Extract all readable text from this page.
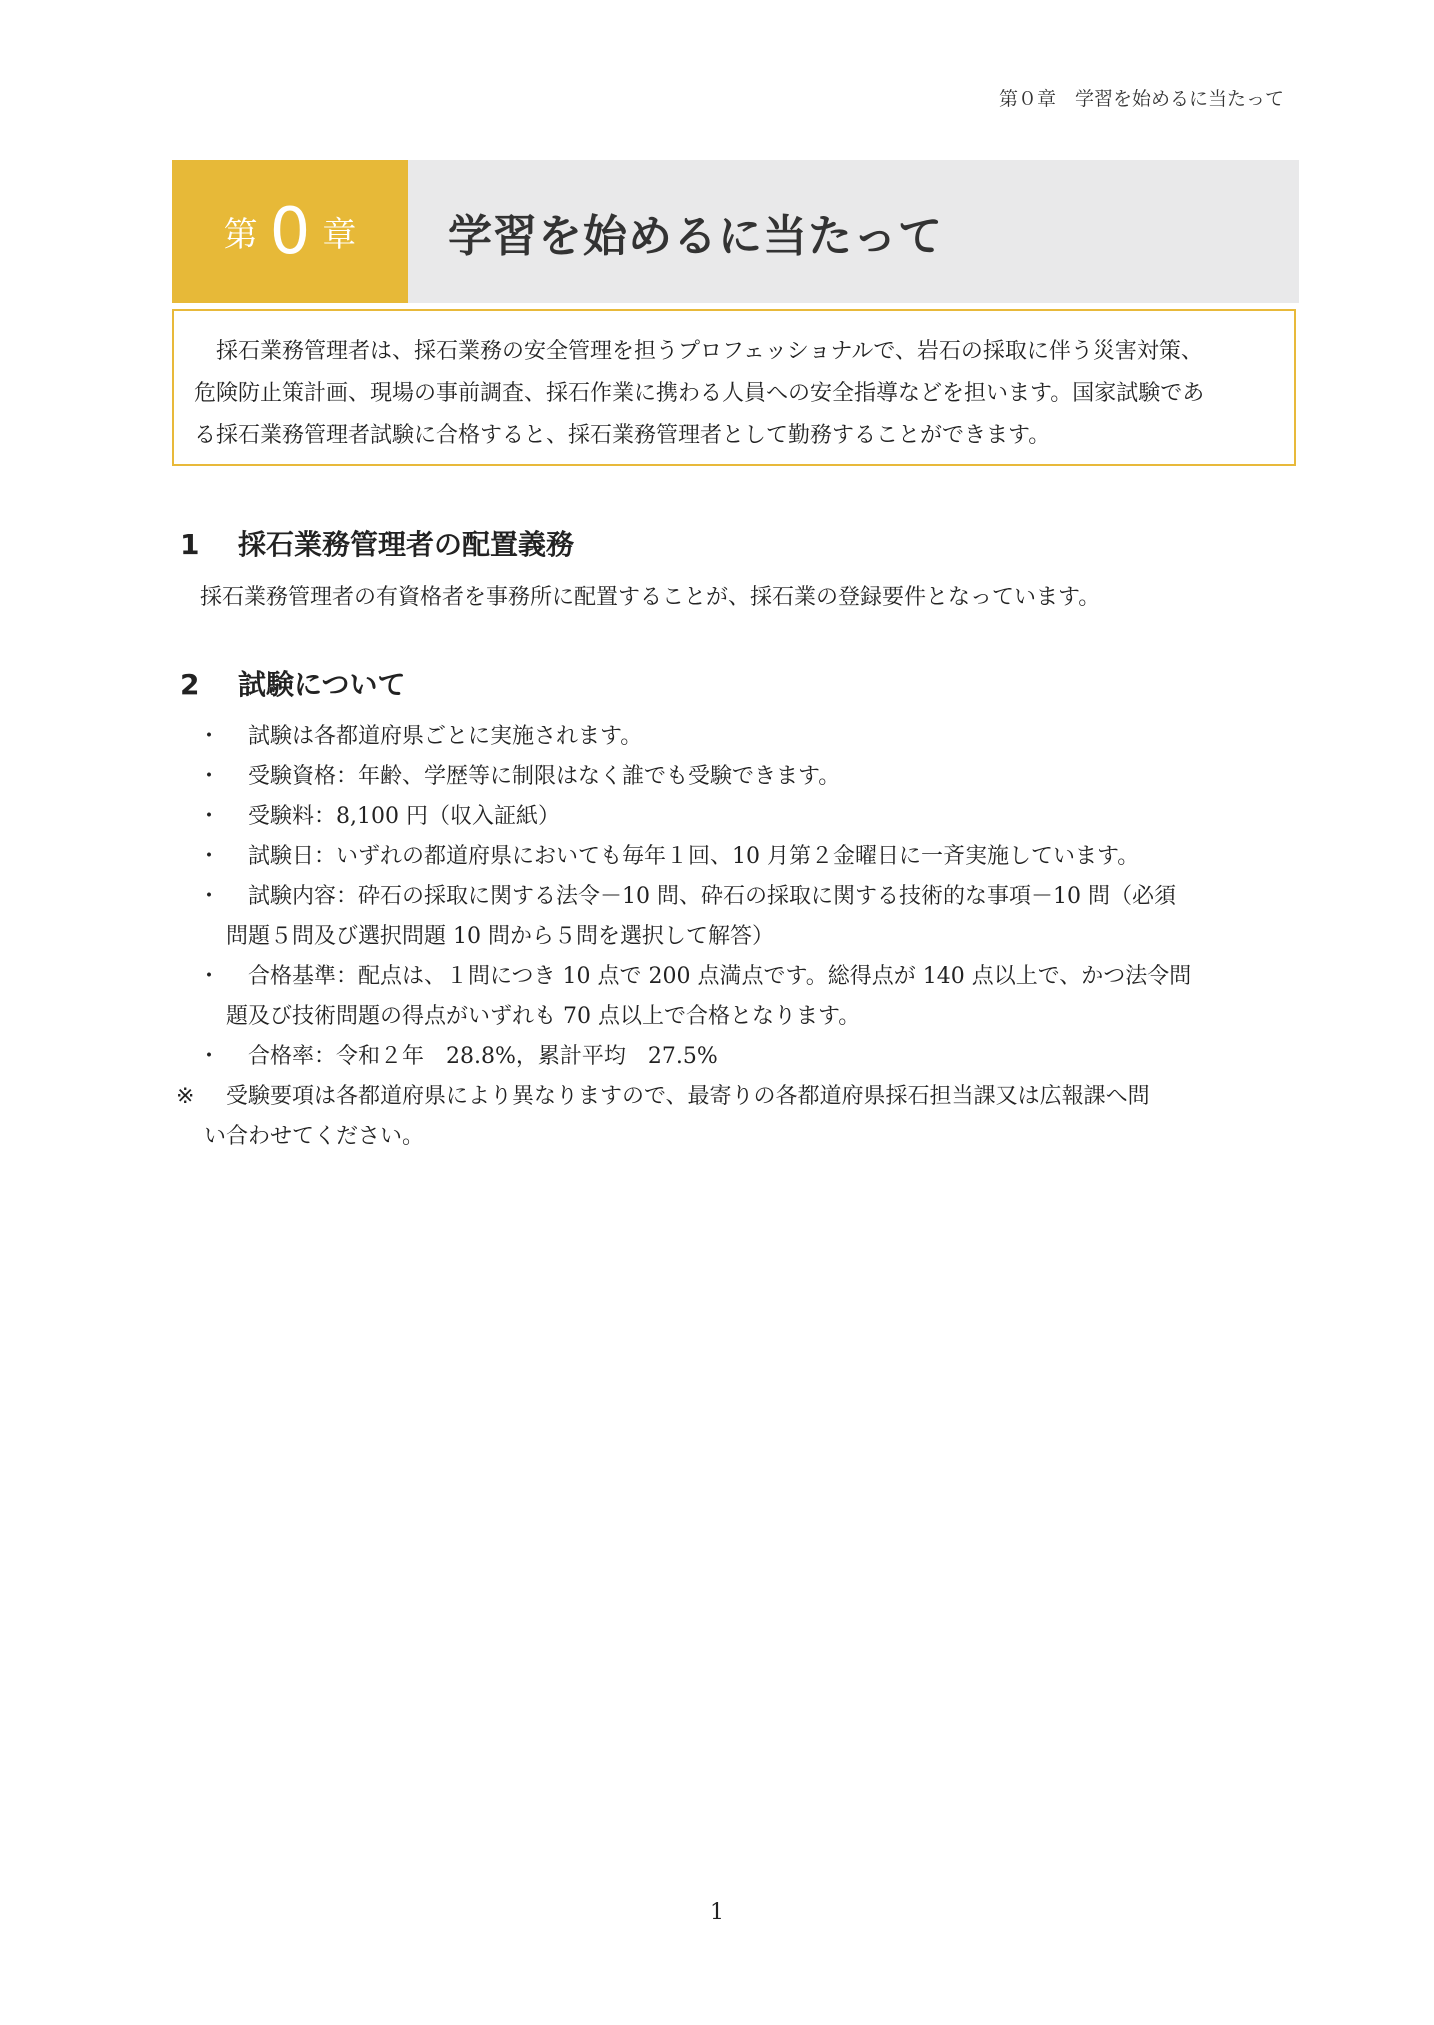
第０章　学習を始めるに当たって
第 0 章	学習を始めるに当たって
　採石業務管理者は、採石業務の安全管理を担うプロフェッショナルで、岩石の採取に伴う災害対策、
危険防止策計画、現場の事前調査、採石作業に携わる人員への安全指導などを担います。国家試験であ
る採石業務管理者試験に合格すると、採石業務管理者として勤務することができます。
1 採石業務管理者の配置義務
採石業務管理者の有資格者を事務所に配置することが、採石業の登録要件となっています。
2 試験について
・	試験は各都道府県ごとに実施されます。
・	受験資格：年齢、学歴等に制限はなく誰でも受験できます。
・	受験料：8,100 円（収入証紙）
・	試験日：いずれの都道府県においても毎年１回、10 月第２金曜日に一斉実施しています。
・	試験内容：砕石の採取に関する法令－10 問、砕石の採取に関する技術的な事項－10 問（必須
問題５問及び選択問題 10 問から５問を選択して解答）
・	合格基準：配点は、１問につき 10 点で 200 点満点です。総得点が 140 点以上で、かつ法令問
題及び技術問題の得点がいずれも 70 点以上で合格となります。
・	合格率：令和２年　28.8%，累計平均　27.5%
※	受験要項は各都道府県により異なりますので、最寄りの各都道府県採石担当課又は広報課へ問
い合わせてください。
1
